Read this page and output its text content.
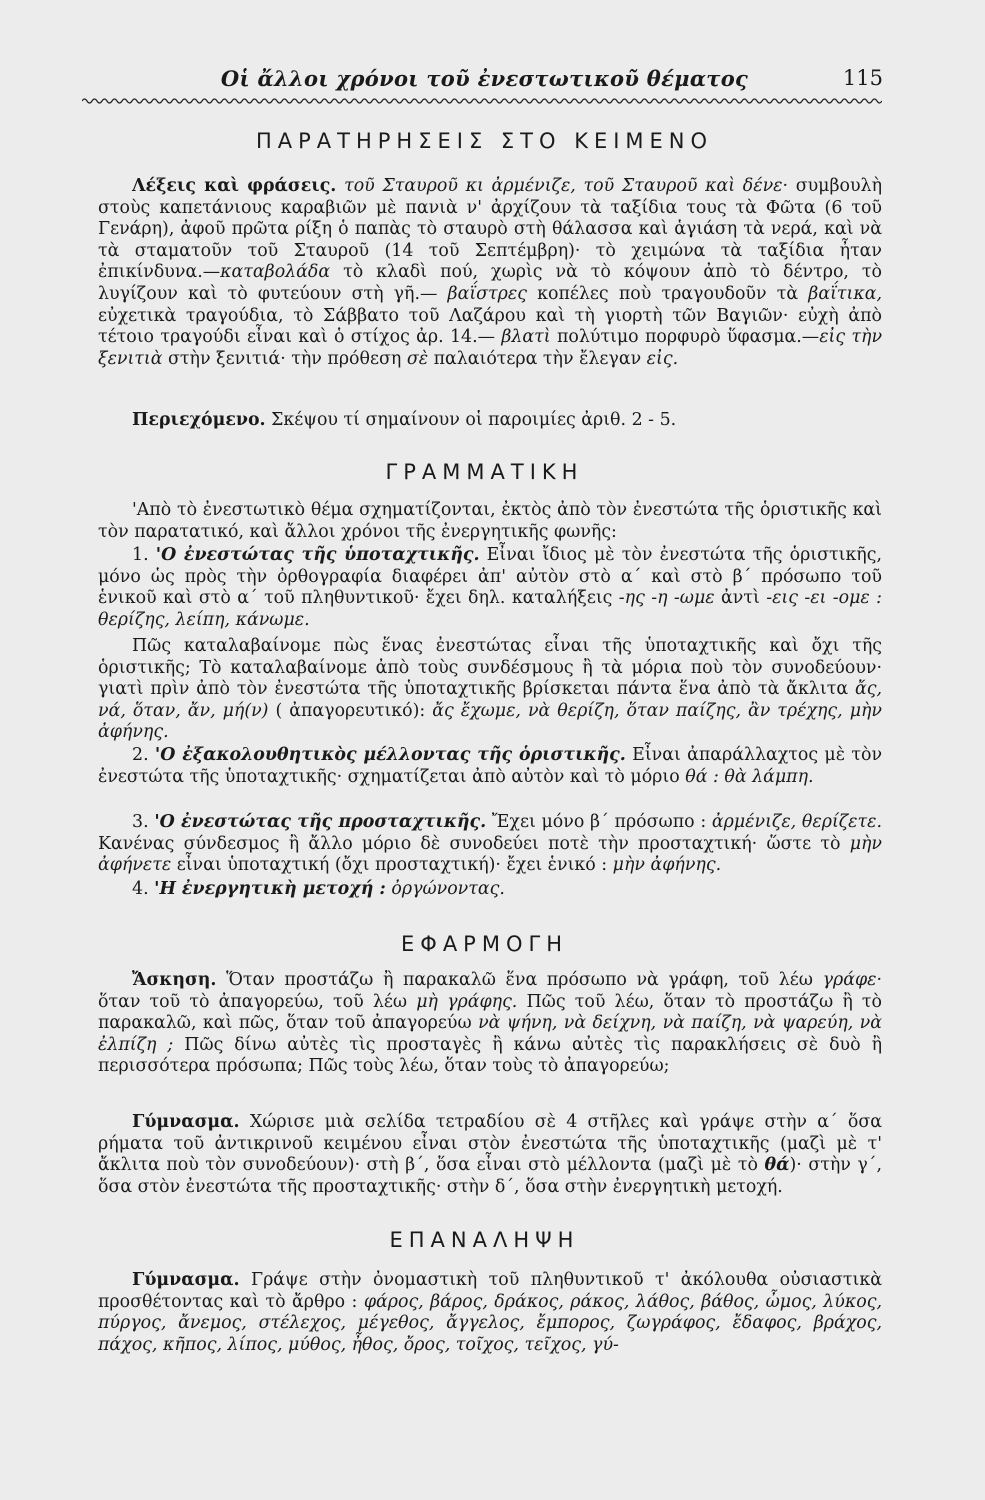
Οἱ ἄλλοι χρόνοι τοῦ ἐνεστωτικοῦ θέματος	115
ΠΑΡΑΤΗΡΗΣΕΙΣ ΣΤΟ ΚΕΙΜΕΝΟ

Λέξεις καὶ φράσεις. τοῦ Σταυροῦ κι ἀρμένιζε, τοῦ Σταυροῦ καὶ δένε· συμβουλὴ στοὺς καπετάνιους καραβιῶν μὲ πανιὰ ν' ἀρχίζουν τὰ ταξίδια τους τὰ Φῶτα (6 τοῦ Γενάρη), ἀφοῦ πρῶτα ρίξη ὁ παπὰς τὸ σταυρὸ στὴ θάλασσα καὶ ἁγιάση τὰ νερά, καὶ νὰ τὰ σταματοῦν τοῦ Σταυροῦ (14 τοῦ Σεπτέμβρη)· τὸ χειμώνα τὰ ταξίδια ἦταν ἐπικίνδυνα.—καταβολάδα τὸ κλαδὶ πού, χωρὶς νὰ τὸ κόψουν ἀπὸ τὸ δέντρο, τὸ λυγίζουν καὶ τὸ φυτεύουν στὴ γῆ.— βαΐστρες κοπέλες ποὺ τραγουδοῦν τὰ βαΐτικα, εὐχετικὰ τραγούδια, τὸ Σάββατο τοῦ Λαζάρου καὶ τὴ γιορτὴ τῶν Βαγιῶν· εὐχὴ ἀπὸ τέτοιο τραγούδι εἶναι καὶ ὁ στίχος ἀρ. 14.— βλατὶ πολύτιμο πορφυρὸ ὕφασμα.—εἰς τὴν ξενιτιὰ στὴν ξενιτιά· τὴν πρόθεση σὲ παλαιότερα τὴν ἔλεγαν εἰς.

Περιεχόμενο. Σκέψου τί σημαίνουν οἱ παροιμίες ἀριθ. 2 - 5.

ΓΡΑΜΜΑΤΙΚΗ

'Απὸ τὸ ἐνεστωτικὸ θέμα σχηματίζονται, ἐκτὸς ἀπὸ τὸν ἐνεστώτα τῆς ὁριστικῆς καὶ τὸν παρατατικό, καὶ ἄλλοι χρόνοι τῆς ἐνεργητικῆς φωνῆς:

1. 'Ο ἐνεστώτας τῆς ὑποταχτικῆς. Εἶναι ἴδιος μὲ τὸν ἐνεστώτα τῆς ὁριστικῆς, μόνο ὡς πρὸς τὴν ὀρθογραφία διαφέρει ἀπ' αὐτὸν στὸ α΄ καὶ στὸ β΄ πρόσωπο τοῦ ἑνικοῦ καὶ στὸ α΄ τοῦ πληθυντικοῦ· ἔχει δηλ. καταλήξεις -ης -η -ωμε ἀντὶ -εις -ει -ομε : θερίζης, λείπη, κάνωμε.

Πῶς καταλαβαίνομε πὼς ἕνας ἐνεστώτας εἶναι τῆς ὑποταχτικῆς καὶ ὄχι τῆς ὁριστικῆς; Τὸ καταλαβαίνομε ἀπὸ τοὺς συνδέσμους ἢ τὰ μόρια ποὺ τὸν συνοδεύουν· γιατὶ πρὶν ἀπὸ τὸν ἐνεστώτα τῆς ὑποταχτικῆς βρίσκεται πάντα ἕνα ἀπὸ τὰ ἄκλιτα ἄς, νά, ὅταν, ἄν, μή(ν) ( ἀπαγορευτικό): ἄς ἔχωμε, νὰ θερίζη, ὅταν παίζης, ἂν τρέχης, μὴν ἀφήνης.

2. 'Ο ἐξακολουθητικὸς μέλλοντας τῆς ὁριστικῆς. Εἶναι ἀπαράλλαχτος μὲ τὸν ἐνεστώτα τῆς ὑποταχτικῆς· σχηματίζεται ἀπὸ αὐτὸν καὶ τὸ μόριο θά : θὰ λάμπη.

3. 'Ο ἐνεστώτας τῆς προσταχτικῆς. Ἔχει μόνο β΄ πρόσωπο : ἀρμένιζε, θερίζετε. Κανένας σύνδεσμος ἢ ἄλλο μόριο δὲ συνοδεύει ποτὲ τὴν προσταχτική· ὥστε τὸ μὴν ἀφήνετε εἶναι ὑποταχτική (ὄχι προσταχτική)· ἔχει ἑνικό : μὴν ἀφήνης.

4. 'Η ἐνεργητικὴ μετοχή : ὀργώνοντας.

ΕΦΑΡΜΟΓΗ

Ἄσκηση. Ὅταν προστάζω ἢ παρακαλῶ ἕνα πρόσωπο νὰ γράφη, τοῦ λέω γράφε· ὅταν τοῦ τὸ ἀπαγορεύω, τοῦ λέω μὴ γράφης. Πῶς τοῦ λέω, ὅταν τὸ προστάζω ἢ τὸ παρακαλῶ, καὶ πῶς, ὅταν τοῦ ἀπαγορεύω νὰ ψήνη, νὰ δείχνη, νὰ παίζη, νὰ ψαρεύη, νὰ ἐλπίζη ; Πῶς δίνω αὐτὲς τὶς προσταγὲς ἢ κάνω αὐτὲς τὶς παρακλήσεις σὲ δυὸ ἢ περισσότερα πρόσωπα; Πῶς τοὺς λέω, ὅταν τοὺς τὸ ἀπαγορεύω;

Γύμνασμα. Χώρισε μιὰ σελίδα τετραδίου σὲ 4 στῆλες καὶ γράψε στὴν α΄ ὅσα ρήματα τοῦ ἀντικρινοῦ κειμένου εἶναι στὸν ἐνεστώτα τῆς ὑποταχτικῆς (μαζὶ μὲ τ' ἄκλιτα ποὺ τὸν συνοδεύουν)· στὴ β΄, ὅσα εἶναι στὸ μέλλοντα (μαζὶ μὲ τὸ θά)· στὴν γ΄, ὅσα στὸν ἐνεστώτα τῆς προσταχτικῆς· στὴν δ΄, ὅσα στὴν ἐνεργητικὴ μετοχή.

ΕΠΑΝΑΛΗΨΗ

Γύμνασμα. Γράψε στὴν ὀνομαστικὴ τοῦ πληθυντικοῦ τ' ἀκόλουθα οὐσιαστικὰ προσθέτοντας καὶ τὸ ἄρθρο : φάρος, βάρος, δράκος, ράκος, λάθος, βάθος, ὦμος, λύκος, πύργος, ἄνεμος, στέλεχος, μέγεθος, ἄγγελος, ἔμπορος, ζωγράφος, ἔδαφος, βράχος, πάχος, κῆπος, λίπος, μύθος, ἦθος, ὄρος, τοῖχος, τεῖχος, γύ-
